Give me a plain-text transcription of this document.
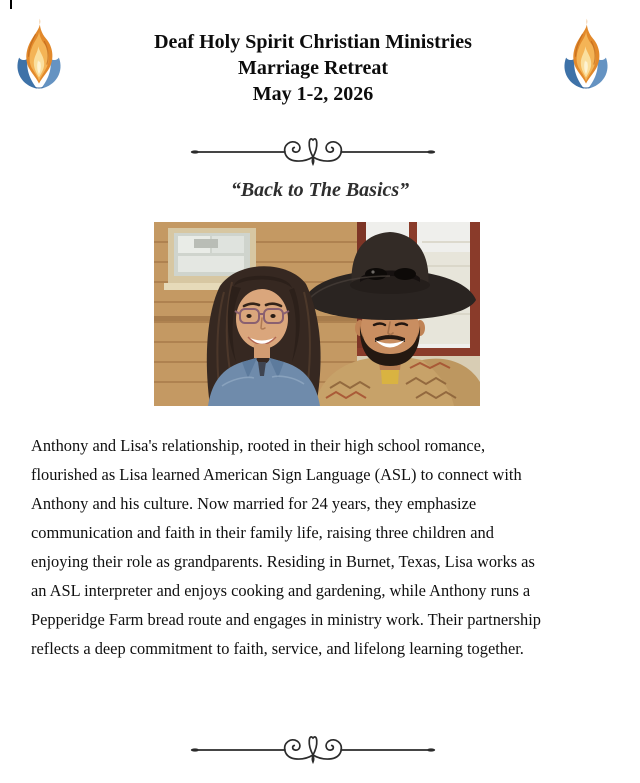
Deaf Holy Spirit Christian Ministries
Marriage Retreat
May 1-2, 2026
“Back to The Basics”
Anthony and Lisa's relationship, rooted in their high school romance,
flourished as Lisa learned American Sign Language (ASL) to connect with
Anthony and his culture. Now married for 24 years, they emphasize
communication and faith in their family life, raising three children and
enjoying their role as grandparents. Residing in Burnet, Texas, Lisa works as
an ASL interpreter and enjoys cooking and gardening, while Anthony runs a
Pepperidge Farm bread route and engages in ministry work. Their partnership
reflects a deep commitment to faith, service, and lifelong learning together.
